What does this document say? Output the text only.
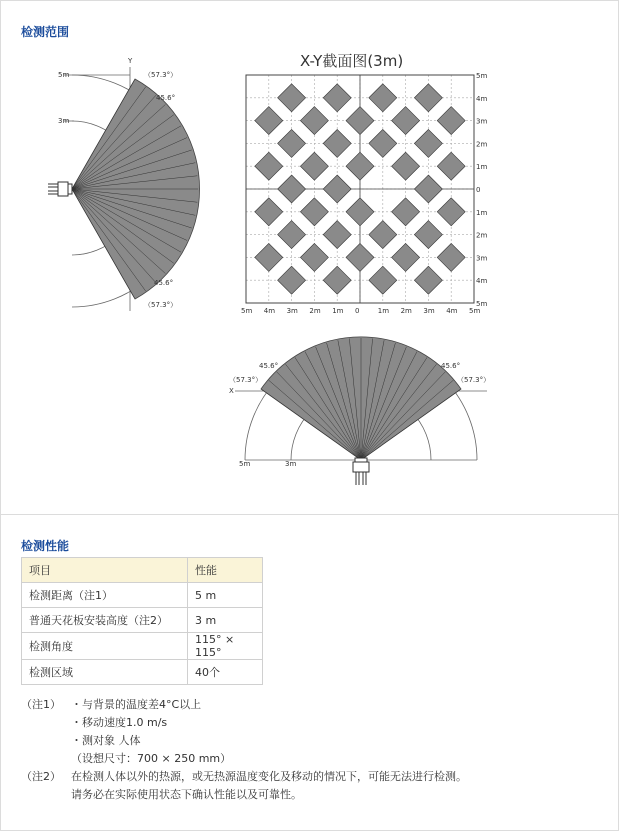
检测范围
Y
5m
3m
（57.3°）
45.6°
45.6°
（57.3°）
X-Y截面图(3m)
5m 4m 3m 2m 1m 0	1m 2m 3m 4m 5m
5m
4m
3m
2m
1m
0
1m
2m
3m
4m
5m
X
45.6°	45.6°
（57.3°）	（57.3°）
5m	3m
检测性能
项目	性能
检测距离（注1）	5 m
普通天花板安装高度（注2）	3 m
检测角度	115° × 115°
检测区域	40个
（注1） ・与背景的温度差4°C以上
・移动速度1.0 m/s
・测对象 人体
（设想尺寸：700 × 250 mm）
（注2） 在检测人体以外的热源，或无热源温度变化及移动的情况下，可能无法进行检测。
请务必在实际使用状态下确认性能以及可靠性。
